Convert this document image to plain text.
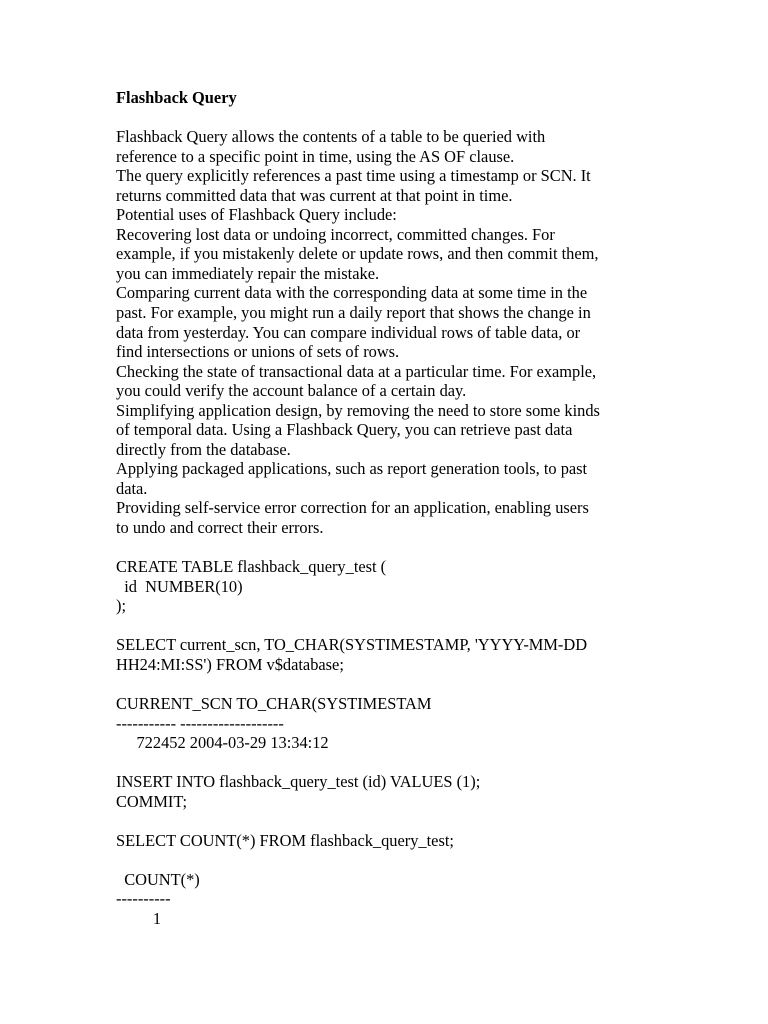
Flashback Query
Flashback Query allows the contents of a table to be queried with
reference to a specific point in time, using the AS OF clause.
The query explicitly references a past time using a timestamp or SCN. It
returns committed data that was current at that point in time.
Potential uses of Flashback Query include:
Recovering lost data or undoing incorrect, committed changes. For
example, if you mistakenly delete or update rows, and then commit them,
you can immediately repair the mistake.
Comparing current data with the corresponding data at some time in the
past. For example, you might run a daily report that shows the change in
data from yesterday. You can compare individual rows of table data, or
find intersections or unions of sets of rows.
Checking the state of transactional data at a particular time. For example,
you could verify the account balance of a certain day.
Simplifying application design, by removing the need to store some kinds
of temporal data. Using a Flashback Query, you can retrieve past data
directly from the database.
Applying packaged applications, such as report generation tools, to past
data.
Providing self-service error correction for an application, enabling users
to undo and correct their errors.
CREATE TABLE flashback_query_test (
id  NUMBER(10)
);
SELECT current_scn, TO_CHAR(SYSTIMESTAMP, 'YYYY-MM-DD
HH24:MI:SS') FROM v$database;
CURRENT_SCN TO_CHAR(SYSTIMESTAM
----------- -------------------
722452 2004-03-29 13:34:12
INSERT INTO flashback_query_test (id) VALUES (1);
COMMIT;
SELECT COUNT(*) FROM flashback_query_test;
COUNT(*)
----------
1
